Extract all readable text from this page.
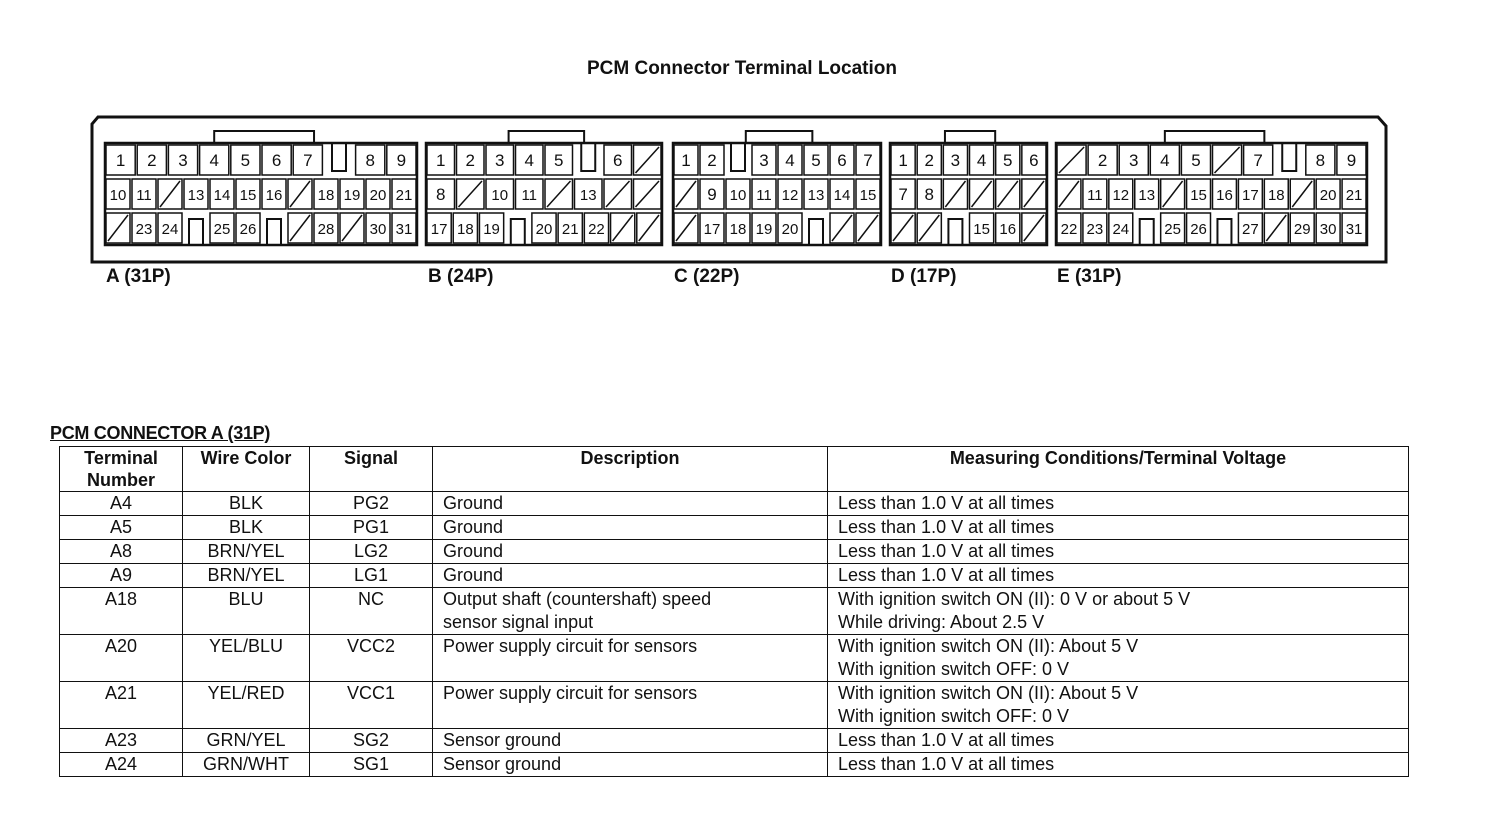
PCM Connector Terminal Location
1 2 3 4 5 6 7	8 9
10 11 13 14 15 16 18 19 20 21
23 24 25 26	28 30 31
1 2 3 4 5	6
8	10 11	13
17 18 19 20 21 22
1 2	3 4 5 6 7
9 10 11 12 13 14 15
17 18 19 20
1 2 3 4 5 6
7 8
15 16
2 3 4 5	7	8 9
11 12 13 15 16 17 18 20 21
22 23 24 25 26 27 29 30 31
A (31P)	B (24P)	C (22P)	D (17P)	E (31P)
PCM CONNECTOR A (31P)
Terminal
Number	Wire Color	Signal	Description	Measuring Conditions/Terminal Voltage
A4	BLK	PG2	Ground	Less than 1.0 V at all times
A5	BLK	PG1	Ground	Less than 1.0 V at all times
A8	BRN/YEL	LG2	Ground	Less than 1.0 V at all times
A9	BRN/YEL	LG1	Ground	Less than 1.0 V at all times
A18	BLU	NC	Output shaft (countershaft) speed
sensor signal input	With ignition switch ON (II): 0 V or about 5 V
While driving: About 2.5 V
A20	YEL/BLU	VCC2	Power supply circuit for sensors	With ignition switch ON (II): About 5 V
With ignition switch OFF: 0 V
A21	YEL/RED	VCC1	Power supply circuit for sensors	With ignition switch ON (II): About 5 V
With ignition switch OFF: 0 V
A23	GRN/YEL	SG2	Sensor ground	Less than 1.0 V at all times
A24	GRN/WHT	SG1	Sensor ground	Less than 1.0 V at all times
